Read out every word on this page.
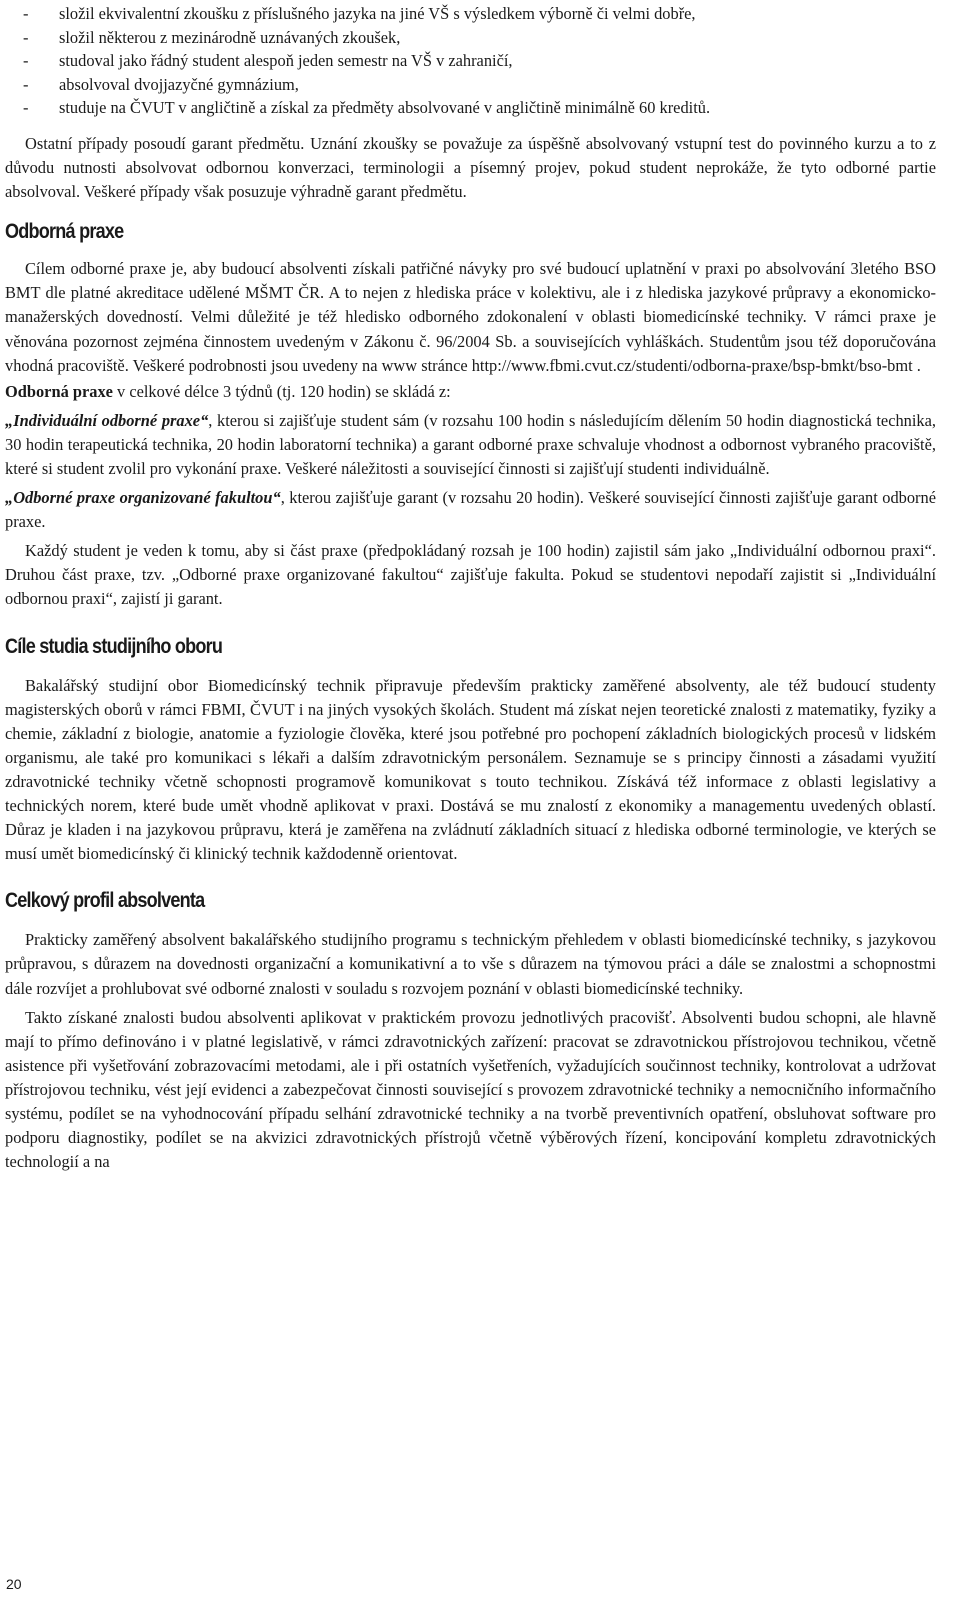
- složil ekvivalentní zkoušku z příslušného jazyka na jiné VŠ s výsledkem výborně či velmi dobře,
- složil některou z mezinárodně uznávaných zkoušek,
- studoval jako řádný student alespoň jeden semestr na VŠ v zahraničí,
- absolvoval dvojjazyčné gymnázium,
- studuje na ČVUT v angličtině a získal za předměty absolvované v angličtině minimálně 60 kreditů.

Ostatní případy posoudí garant předmětu. Uznání zkoušky se považuje za úspěšně absolvovaný vstupní test do povinného kurzu a to z důvodu nutnosti absolvovat odbornou konverzaci, terminologii a písemný projev, pokud student neprokáže, že tyto odborné partie absolvoval. Veškeré případy však posuzuje výhradně garant předmětu.

Odborná praxe

Cílem odborné praxe je, aby budoucí absolventi získali patřičné návyky pro své budoucí uplatnění v praxi po absolvování 3letého BSO BMT dle platné akreditace udělené MŠMT ČR. A to nejen z hlediska práce v kolektivu, ale i z hlediska jazykové průpravy a ekonomicko-manažerských dovedností. Velmi důležité je též hledisko odborného zdokonalení v oblasti biomedicínské techniky. V rámci praxe je věnována pozornost zejména činnostem uvedeným v Zákonu č. 96/2004 Sb. a souvisejících vyhláškách. Studentům jsou též doporučována vhodná pracoviště. Veškeré podrobnosti jsou uvedeny na www stránce http://www.fbmi.cvut.cz/studenti/odborna-praxe/bsp-bmkt/bso-bmt .

Odborná praxe v celkové délce 3 týdnů (tj. 120 hodin) se skládá z:

„Individuální odborné praxe“, kterou si zajišťuje student sám (v rozsahu 100 hodin s následujícím dělením 50 hodin diagnostická technika, 30 hodin terapeutická technika, 20 hodin laboratorní technika) a garant odborné praxe schvaluje vhodnost a odbornost vybraného pracoviště, které si student zvolil pro vykonání praxe. Veškeré náležitosti a související činnosti si zajišťují studenti individuálně.

„Odborné praxe organizované fakultou“, kterou zajišťuje garant (v rozsahu 20 hodin). Veškeré související činnosti zajišťuje garant odborné praxe.

Každý student je veden k tomu, aby si část praxe (předpokládaný rozsah je 100 hodin) zajistil sám jako „Individuální odbornou praxi“. Druhou část praxe, tzv. „Odborné praxe organizované fakultou“ zajišťuje fakulta. Pokud se studentovi nepodaří zajistit si „Individuální odbornou praxi“, zajistí ji garant.

Cíle studia studijního oboru

Bakalářský studijní obor Biomedicínský technik připravuje především prakticky zaměřené absolventy, ale též budoucí studenty magisterských oborů v rámci FBMI, ČVUT i na jiných vysokých školách. Student má získat nejen teoretické znalosti z matematiky, fyziky a chemie, základní z biologie, anatomie a fyziologie člověka, které jsou potřebné pro pochopení základních biologických procesů v lidském organismu, ale také pro komunikaci s lékaři a dalším zdravotnickým personálem. Seznamuje se s principy činnosti a zásadami využití zdravotnické techniky včetně schopnosti programově komunikovat s touto technikou. Získává též informace z oblasti legislativy a technických norem, které bude umět vhodně aplikovat v praxi. Dostává se mu znalostí z ekonomiky a managementu uvedených oblastí. Důraz je kladen i na jazykovou průpravu, která je zaměřena na zvládnutí základních situací z hlediska odborné terminologie, ve kterých se musí umět biomedicínský či klinický technik každodenně orientovat.

Celkový profil absolventa

Prakticky zaměřený absolvent bakalářského studijního programu s technickým přehledem v oblasti biomedicínské techniky, s jazykovou průpravou, s důrazem na dovednosti organizační a komunikativní a to vše s důrazem na týmovou práci a dále se znalostmi a schopnostmi dále rozvíjet a prohlubovat své odborné znalosti v souladu s rozvojem poznání v oblasti biomedicínské techniky.

Takto získané znalosti budou absolventi aplikovat v praktickém provozu jednotlivých pracovišť. Absolventi budou schopni, ale hlavně mají to přímo definováno i v platné legislativě, v rámci zdravotnických zařízení: pracovat se zdravotnickou přístrojovou technikou, včetně asistence při vyšetřování zobrazovacími metodami, ale i při ostatních vyšetřeních, vyžadujících součinnost techniky, kontrolovat a udržovat přístrojovou techniku, vést její evidenci a zabezpečovat činnosti související s provozem zdravotnické techniky a nemocničního informačního systému, podílet se na vyhodnocování případu selhání zdravotnické techniky a na tvorbě preventivních opatření, obsluhovat software pro podporu diagnostiky, podílet se na akvizici zdravotnických přístrojů včetně výběrových řízení, koncipování kompletu zdravotnických technologií a na

20
